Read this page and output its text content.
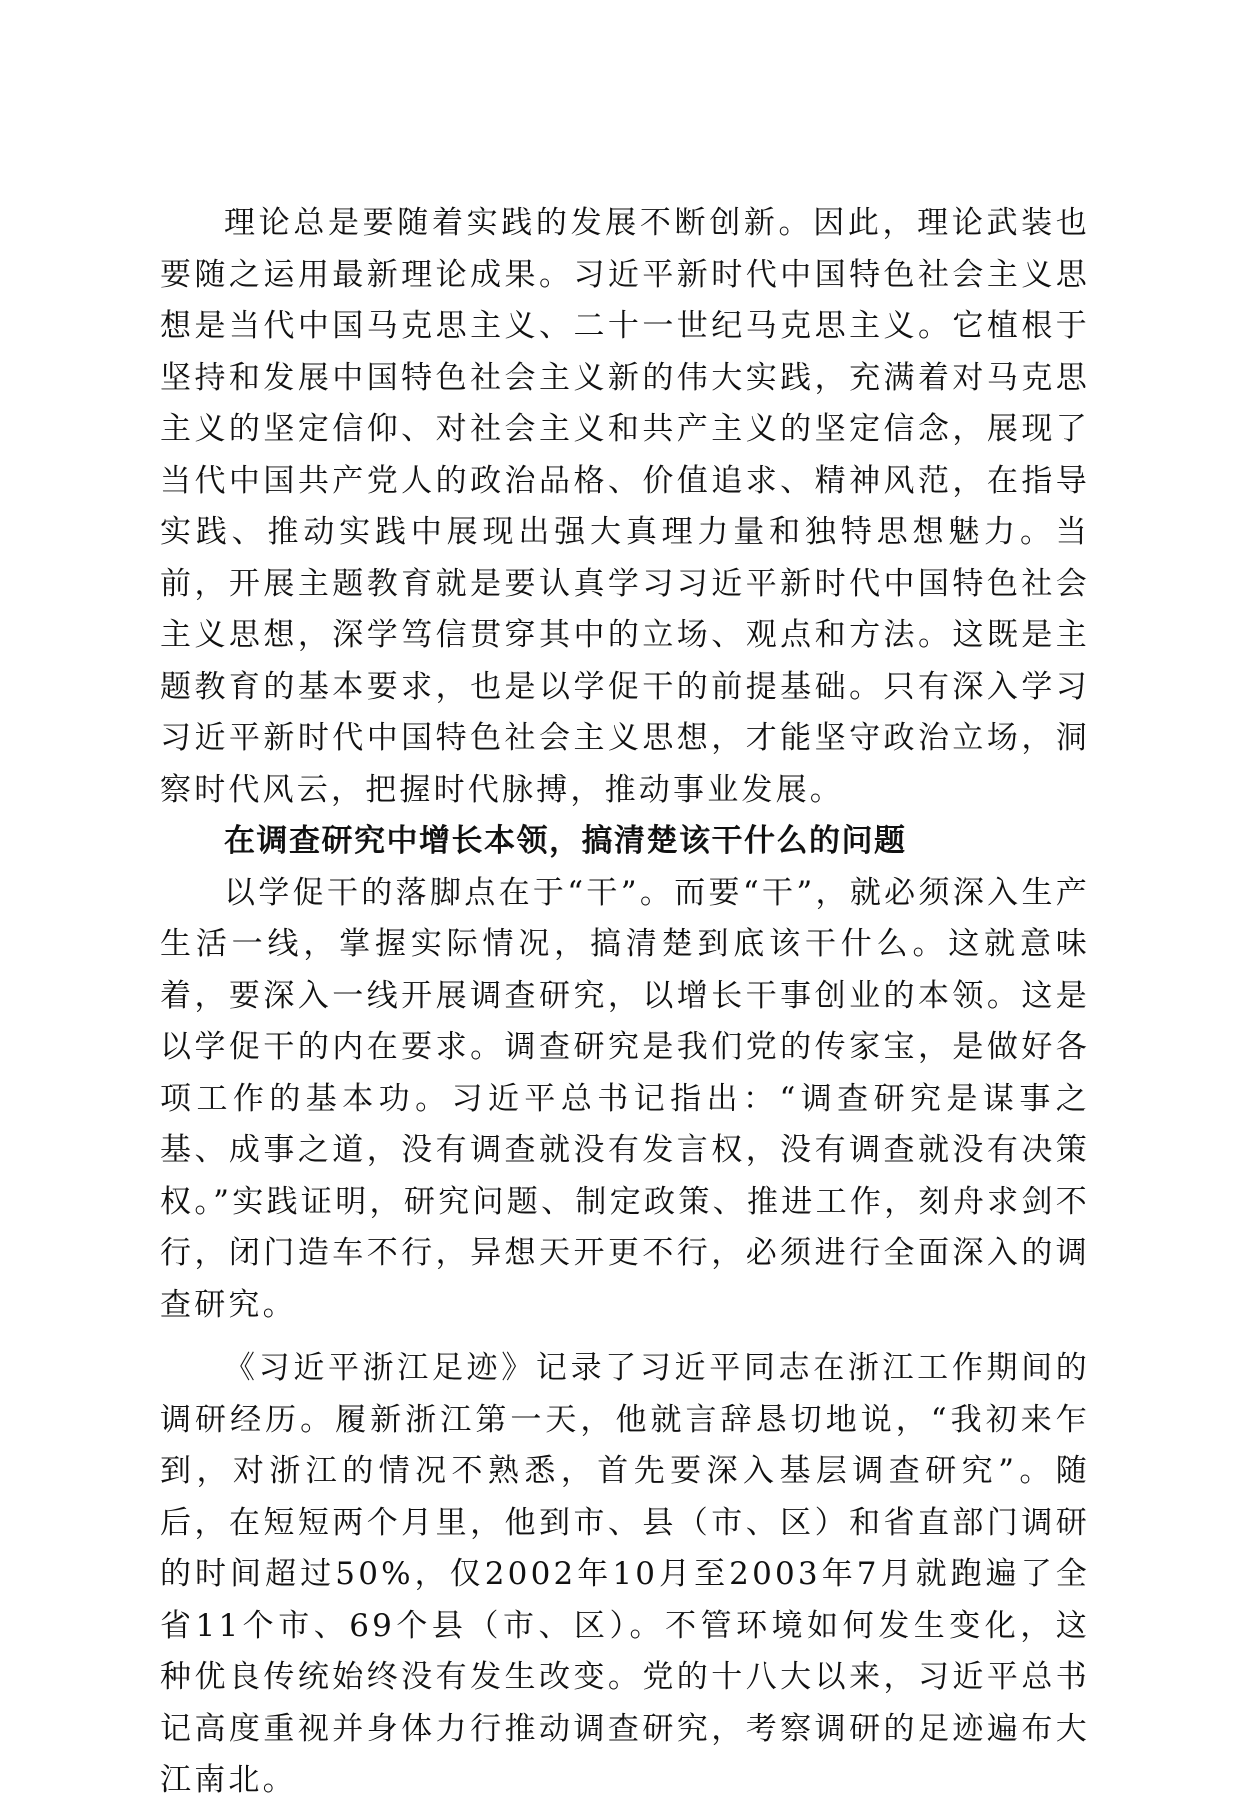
理论总是要随着实践的发展不断创新。因此，理论武装也要随之运用最新理论成果。习近平新时代中国特色社会主义思想是当代中国马克思主义、二十一世纪马克思主义。它植根于坚持和发展中国特色社会主义新的伟大实践，充满着对马克思主义的坚定信仰、对社会主义和共产主义的坚定信念，展现了当代中国共产党人的政治品格、价值追求、精神风范，在指导实践、推动实践中展现出强大真理力量和独特思想魅力。当前，开展主题教育就是要认真学习习近平新时代中国特色社会主义思想，深学笃信贯穿其中的立场、观点和方法。这既是主题教育的基本要求，也是以学促干的前提基础。只有深入学习习近平新时代中国特色社会主义思想，才能坚守政治立场，洞察时代风云，把握时代脉搏，推动事业发展。

在调查研究中增长本领，搞清楚该干什么的问题

以学促干的落脚点在于“干”。而要“干”，就必须深入生产生活一线，掌握实际情况，搞清楚到底该干什么。这就意味着，要深入一线开展调查研究，以增长干事创业的本领。这是以学促干的内在要求。调查研究是我们党的传家宝，是做好各项工作的基本功。习近平总书记指出：“调查研究是谋事之基、成事之道，没有调查就没有发言权，没有调查就没有决策权。”实践证明，研究问题、制定政策、推进工作，刻舟求剑不行，闭门造车不行，异想天开更不行，必须进行全面深入的调查研究。

《习近平浙江足迹》记录了习近平同志在浙江工作期间的调研经历。履新浙江第一天，他就言辞恳切地说，“我初来乍到，对浙江的情况不熟悉，首先要深入基层调查研究”。随后，在短短两个月里，他到市、县（市、区）和省直部门调研的时间超过50%，仅2002年10月至2003年7月就跑遍了全省11个市、69个县（市、区）。不管环境如何发生变化，这种优良传统始终没有发生改变。党的十八大以来，习近平总书记高度重视并身体力行推动调查研究，考察调研的足迹遍布大江南北。
